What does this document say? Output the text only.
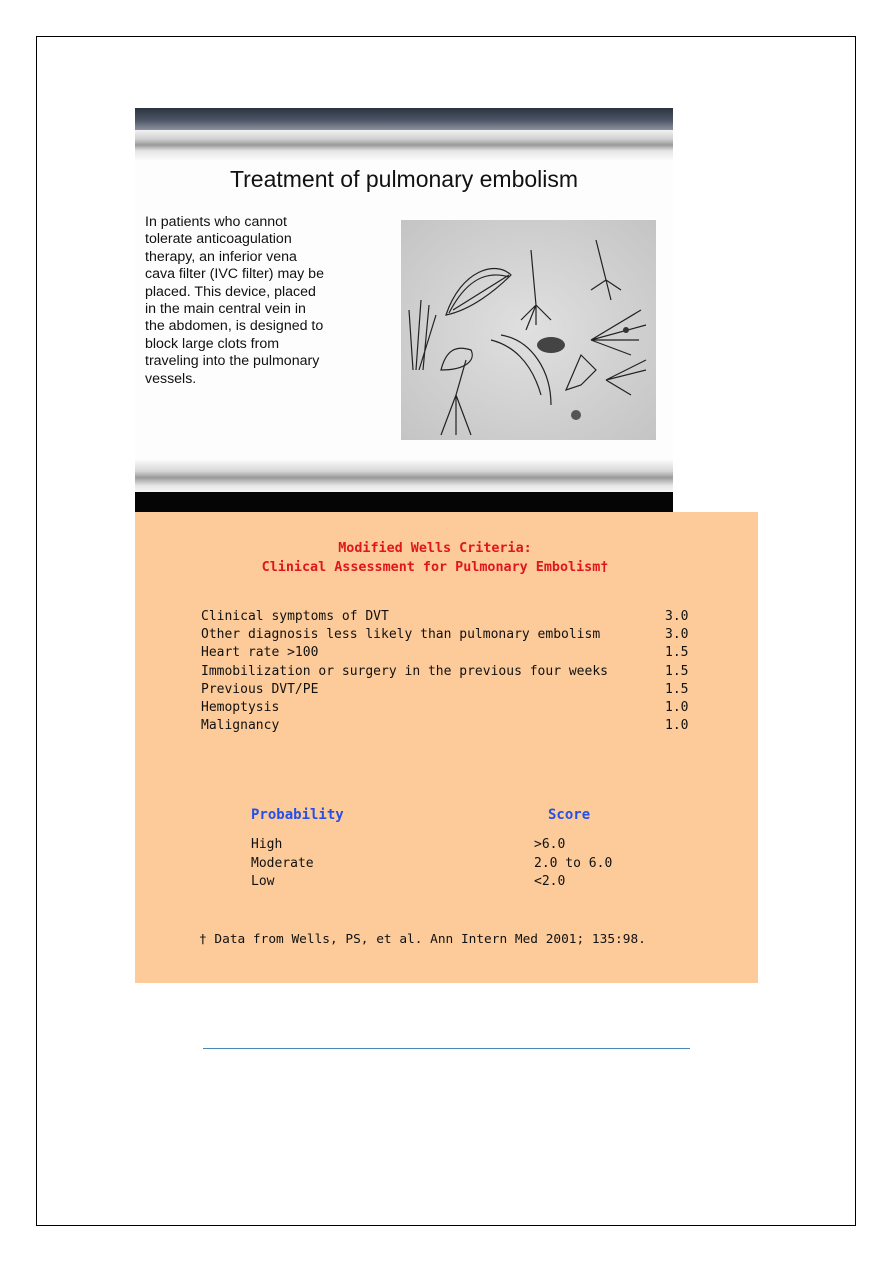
Treatment of pulmonary embolism
In patients who cannot
tolerate anticoagulation
therapy, an inferior vena
cava filter (IVC filter) may be
placed. This device, placed
in the main central vein in
the abdomen, is designed to
block large clots from
traveling into the pulmonary
vessels.
Modified Wells Criteria:
Clinical Assessment for Pulmonary Embolism†
Clinical symptoms of DVT	3.0
Other diagnosis less likely than pulmonary embolism	3.0
Heart rate >100	1.5
Immobilization or surgery in the previous four weeks	1.5
Previous DVT/PE	1.5
Hemoptysis	1.0
Malignancy	1.0
Probability	Score
High	>6.0
Moderate	2.0 to 6.0
Low	<2.0
† Data from Wells, PS, et al. Ann Intern Med 2001; 135:98.
